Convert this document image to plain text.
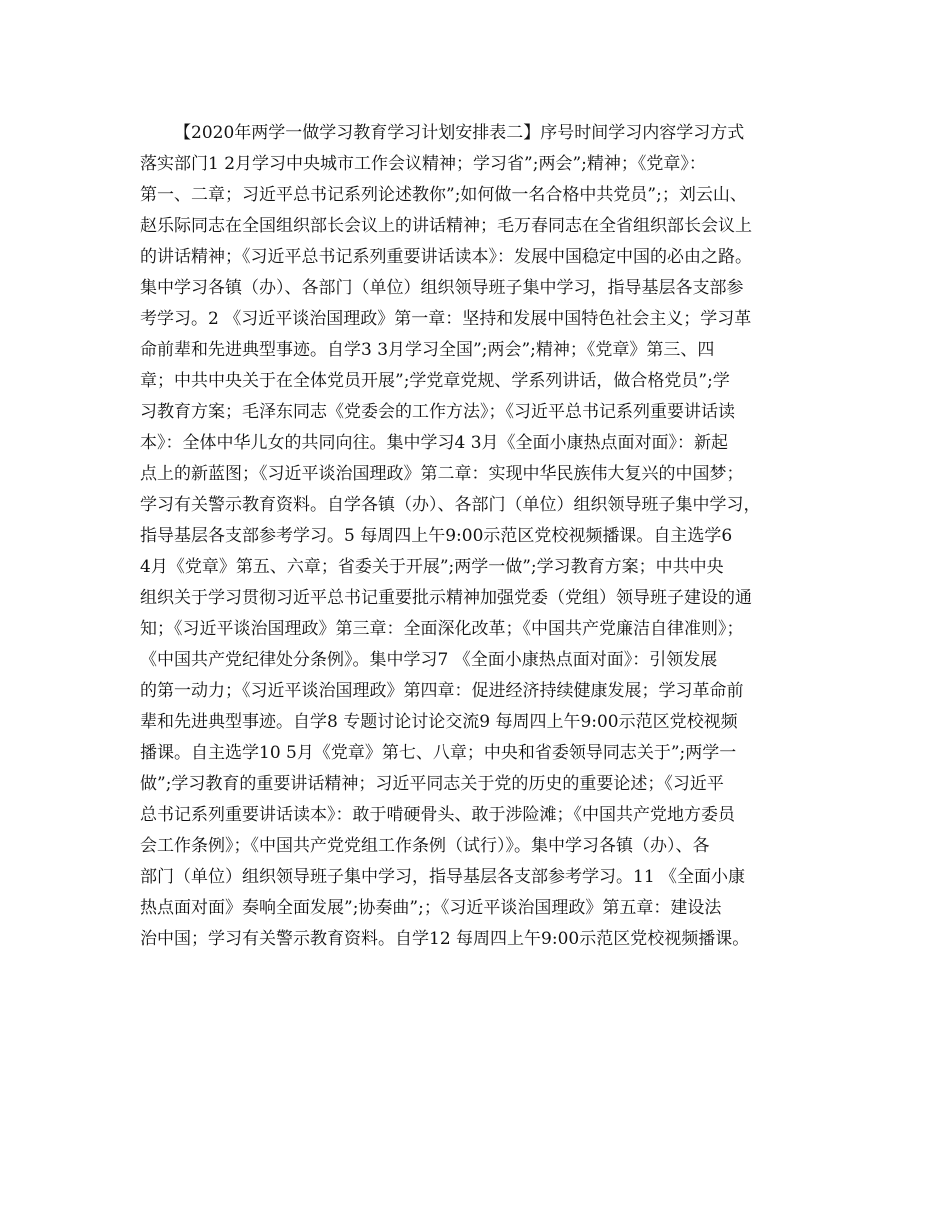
【2020年两学一做学习教育学习计划安排表二】序号时间学习内容学习方式
落实部门1 2月学习中央城市工作会议精神；学习省”;两会”;精神；《党章》：
第一、二章；习近平总书记系列论述教你”;如何做一名合格中共党员”;；刘云山、
赵乐际同志在全国组织部长会议上的讲话精神；毛万春同志在全省组织部长会议上
的讲话精神；《习近平总书记系列重要讲话读本》：发展中国稳定中国的必由之路。
集中学习各镇（办）、各部门（单位）组织领导班子集中学习，指导基层各支部参
考学习。2 《习近平谈治国理政》第一章：坚持和发展中国特色社会主义；学习革
命前辈和先进典型事迹。自学3 3月学习全国”;两会”;精神；《党章》第三、四
章；中共中央关于在全体党员开展”;学党章党规、学系列讲话，做合格党员”;学
习教育方案；毛泽东同志《党委会的工作方法》；《习近平总书记系列重要讲话读
本》：全体中华儿女的共同向往。集中学习4 3月《全面小康热点面对面》：新起
点上的新蓝图；《习近平谈治国理政》第二章：实现中华民族伟大复兴的中国梦；
学习有关警示教育资料。自学各镇（办）、各部门（单位）组织领导班子集中学习，
指导基层各支部参考学习。5 每周四上午9:00示范区党校视频播课。自主选学6
4月《党章》第五、六章；省委关于开展”;两学一做”;学习教育方案；中共中央
组织关于学习贯彻习近平总书记重要批示精神加强党委（党组）领导班子建设的通
知；《习近平谈治国理政》第三章：全面深化改革；《中国共产党廉洁自律准则》；
《中国共产党纪律处分条例》。集中学习7 《全面小康热点面对面》：引领发展
的第一动力；《习近平谈治国理政》第四章：促进经济持续健康发展；学习革命前
辈和先进典型事迹。自学8 专题讨论讨论交流9 每周四上午9:00示范区党校视频
播课。自主选学10 5月《党章》第七、八章；中央和省委领导同志关于”;两学一
做”;学习教育的重要讲话精神；习近平同志关于党的历史的重要论述；《习近平
总书记系列重要讲话读本》：敢于啃硬骨头、敢于涉险滩；《中国共产党地方委员
会工作条例》；《中国共产党党组工作条例（试行）》。集中学习各镇（办）、各
部门（单位）组织领导班子集中学习，指导基层各支部参考学习。11 《全面小康
热点面对面》奏响全面发展”;协奏曲”;；《习近平谈治国理政》第五章：建设法
治中国；学习有关警示教育资料。自学12 每周四上午9:00示范区党校视频播课。
